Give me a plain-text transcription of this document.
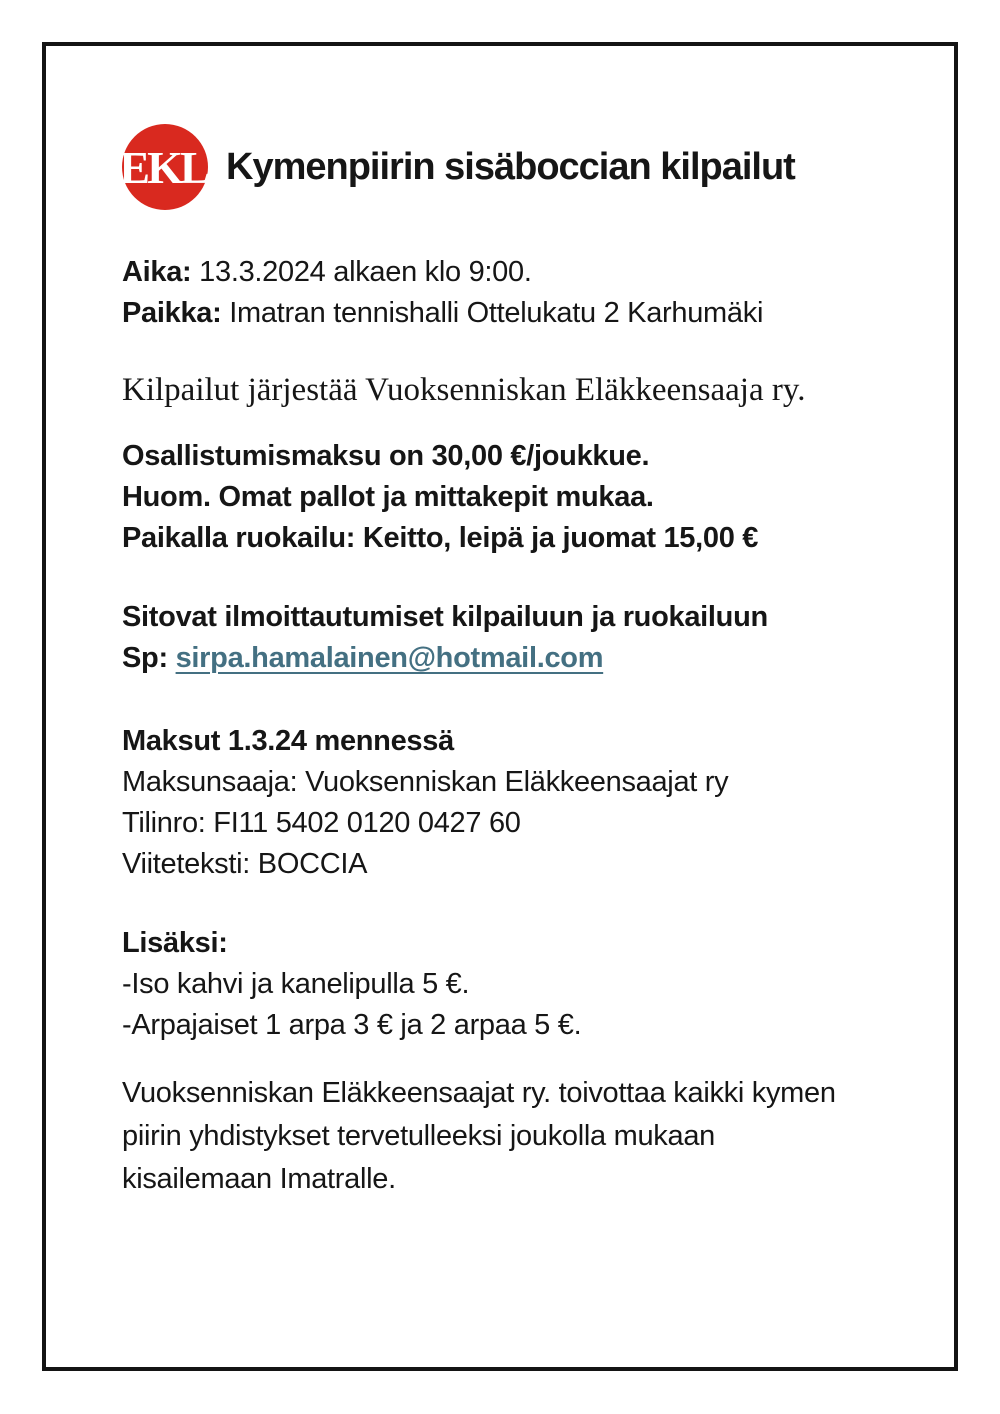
EKL Kymenpiirin sisäboccian kilpailut
Aika: 13.3.2024 alkaen klo 9:00.
Paikka: Imatran tennishalli Ottelukatu 2 Karhumäki
Kilpailut järjestää Vuoksenniskan Eläkkeensaaja ry.
Osallistumismaksu on 30,00 €/joukkue.
Huom. Omat pallot ja mittakepit mukaa.
Paikalla ruokailu: Keitto, leipä ja juomat 15,00 €
Sitovat ilmoittautumiset kilpailuun ja ruokailuun
Sp: sirpa.hamalainen@hotmail.com
Maksut 1.3.24 mennessä
Maksunsaaja: Vuoksenniskan Eläkkeensaajat ry
Tilinro: FI11 5402 0120 0427 60
Viiteteksti: BOCCIA
Lisäksi:
-Iso kahvi ja kanelipulla 5 €.
-Arpajaiset 1 arpa 3 € ja 2 arpaa 5 €.
Vuoksenniskan Eläkkeensaajat ry. toivottaa kaikki kymen
piirin yhdistykset tervetulleeksi joukolla mukaan
kisailemaan Imatralle.
